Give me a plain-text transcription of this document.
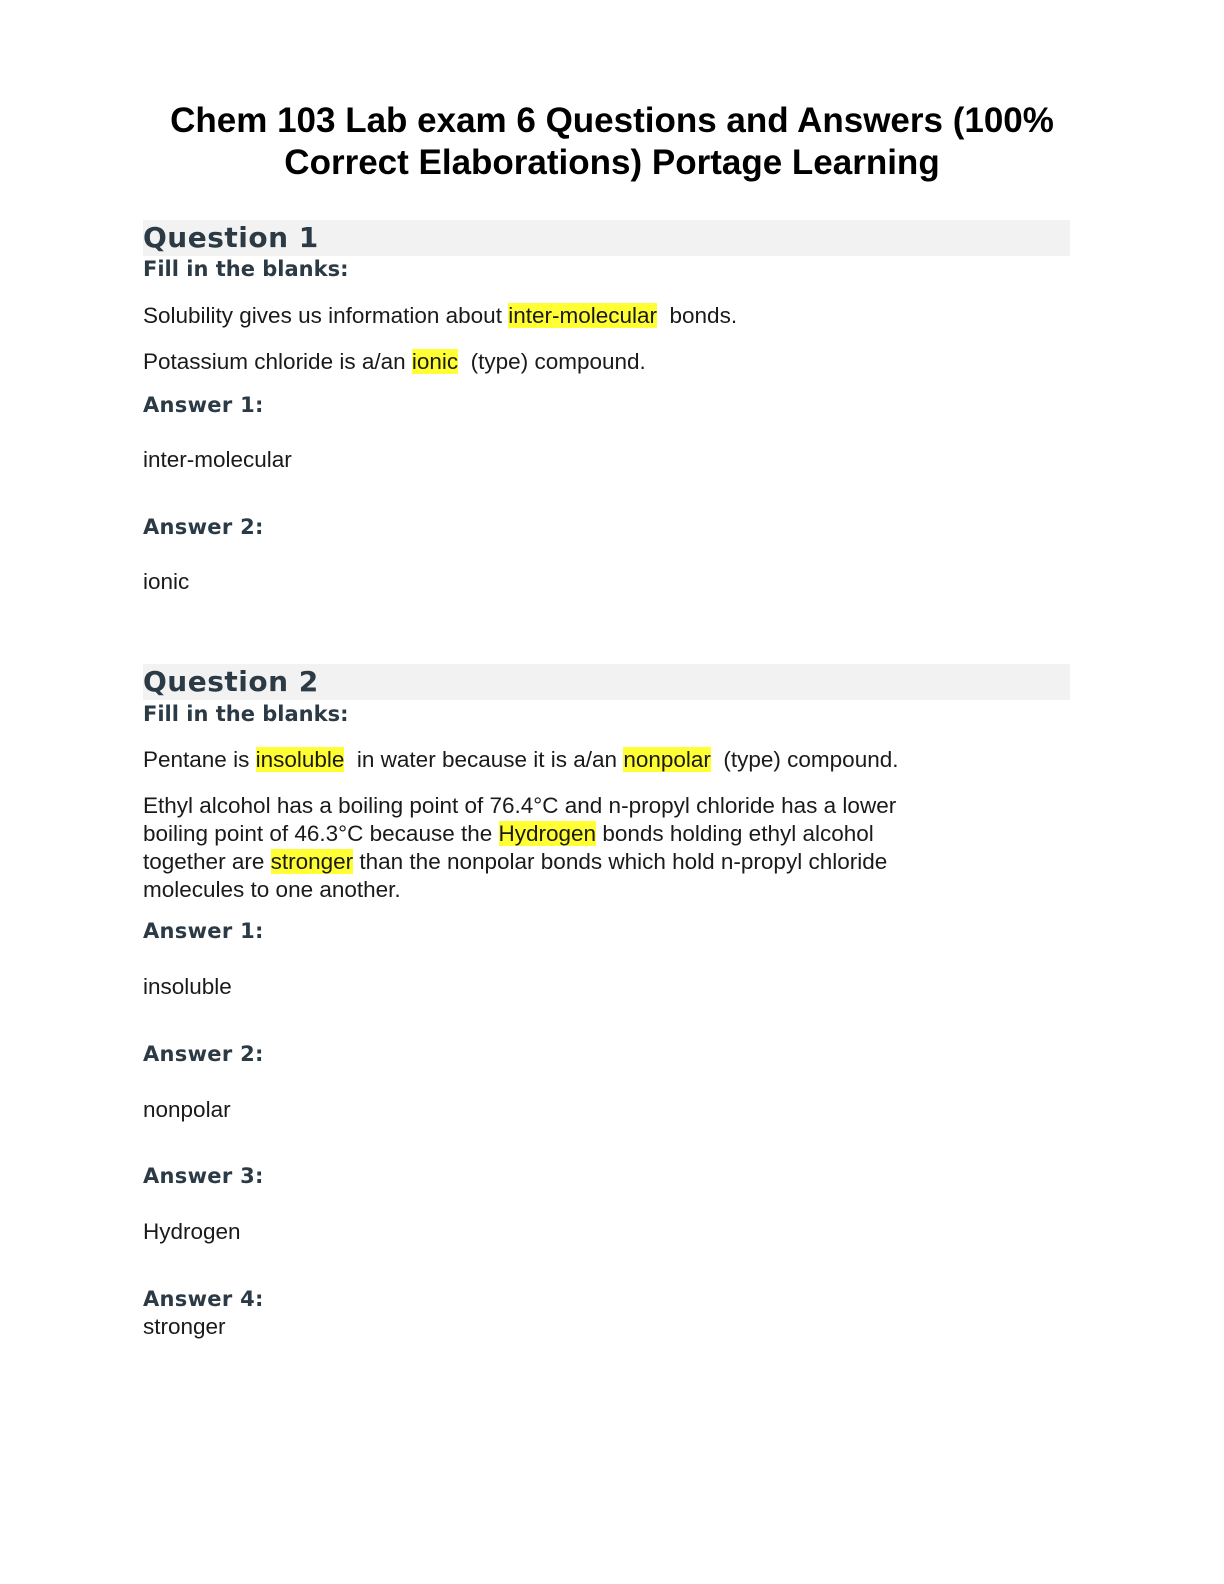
Chem 103 Lab exam 6 Questions and Answers (100%
Correct Elaborations) Portage Learning
Question 1
Fill in the blanks:
Solubility gives us information about inter-molecular  bonds.
Potassium chloride is a/an ionic  (type) compound.
Answer 1:
inter-molecular
Answer 2:
ionic
Question 2
Fill in the blanks:
Pentane is insoluble  in water because it is a/an nonpolar  (type) compound.
Ethyl alcohol has a boiling point of 76.4°C and n-propyl chloride has a lower
boiling point of 46.3°C because the Hydrogen bonds holding ethyl alcohol
together are stronger than the nonpolar bonds which hold n-propyl chloride
molecules to one another.
Answer 1:
insoluble
Answer 2:
nonpolar
Answer 3:
Hydrogen
Answer 4:
stronger
